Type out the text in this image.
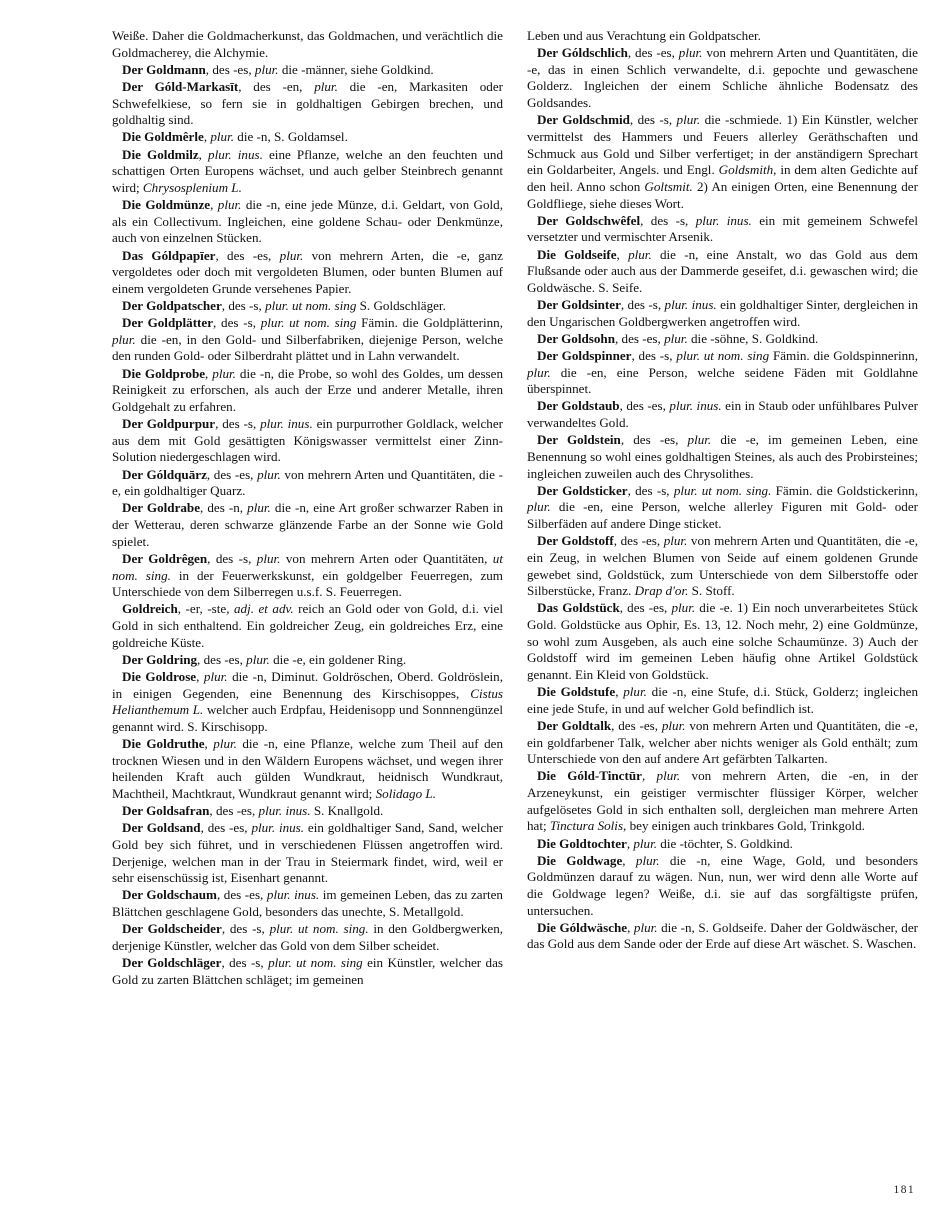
Weiße. Daher die Goldmacherkunst, das Goldmachen, und verächtlich die Goldmacherey, die Alchymie.

Der Goldmann, des -es, plur. die -männer, siehe Goldkind.

Der Góld-Markasīt, des -en, plur. die -en, Markasiten oder Schwefelkiese, so fern sie in goldhaltigen Gebirgen brechen, und goldhaltig sind.

Die Goldmêrle, plur. die -n, S. Goldamsel.

Die Goldmilz, plur. inus. eine Pflanze, welche an den feuchten und schattigen Orten Europens wächset, und auch gelber Steinbrech genannt wird; Chrysosplenium L.

Die Goldmünze, plur. die -n, eine jede Münze, d.i. Geldart, von Gold, als ein Collectivum. Ingleichen, eine goldene Schau- oder Denkmünze, auch von einzelnen Stücken.

Das Góldpapīer, des -es, plur. von mehrern Arten, die -e, ganz vergoldetes oder doch mit vergoldeten Blumen, oder bunten Blumen auf einem vergoldeten Grunde versehenes Papier.

Der Goldpatscher, des -s, plur. ut nom. sing S. Goldschläger.

Der Goldplätter, des -s, plur. ut nom. sing Fämin. die Goldplätterinn, plur. die -en, in den Gold- und Silberfabriken, diejenige Person, welche den runden Gold- oder Silberdraht plättet und in Lahn verwandelt.

Die Goldprobe, plur. die -n, die Probe, so wohl des Goldes, um dessen Reinigkeit zu erforschen, als auch der Erze und anderer Metalle, ihren Goldgehalt zu erfahren.

Der Goldpurpur, des -s, plur. inus. ein purpurrother Goldlack, welcher aus dem mit Gold gesättigten Königswasser vermittelst einer Zinn-Solution niedergeschlagen wird.

Der Góldquārz, des -es, plur. von mehrern Arten und Quantitäten, die -e, ein goldhaltiger Quarz.

Der Goldrabe, des -n, plur. die -n, eine Art großer schwarzer Raben in der Wetterau, deren schwarze glänzende Farbe an der Sonne wie Gold spielet.

Der Goldrêgen, des -s, plur. von mehrern Arten oder Quantitäten, ut nom. sing. in der Feuerwerkskunst, ein goldgelber Feuerregen, zum Unterschiede von dem Silberregen u.s.f. S. Feuerregen.

Goldreich, -er, -ste, adj. et adv. reich an Gold oder von Gold, d.i. viel Gold in sich enthaltend. Ein goldreicher Zeug, ein goldreiches Erz, eine goldreiche Küste.

Der Goldring, des -es, plur. die -e, ein goldener Ring.

Die Goldrose, plur. die -n, Diminut. Goldröschen, Oberd. Goldröslein, in einigen Gegenden, eine Benennung des Kirschisoppes, Cistus Helianthemum L. welcher auch Erdpfau, Heidenisopp und Sonnnengünzel genannt wird. S. Kirschisopp.

Die Goldruthe, plur. die -n, eine Pflanze, welche zum Theil auf den trocknen Wiesen und in den Wäldern Europens wächset, und wegen ihrer heilenden Kraft auch gülden Wundkraut, heidnisch Wundkraut, Machtheil, Machtkraut, Wundkraut genannt wird; Solidago L.

Der Goldsafran, des -es, plur. inus. S. Knallgold.

Der Goldsand, des -es, plur. inus. ein goldhaltiger Sand, Sand, welcher Gold bey sich führet, und in verschiedenen Flüssen angetroffen wird. Derjenige, welchen man in der Trau in Steiermark findet, wird, weil er sehr eisenschüssig ist, Eisenhart genannt.

Der Goldschaum, des -es, plur. inus. im gemeinen Leben, das zu zarten Blättchen geschlagene Gold, besonders das unechte, S. Metallgold.

Der Goldscheider, des -s, plur. ut nom. sing. in den Goldbergwerken, derjenige Künstler, welcher das Gold von dem Silber scheidet.

Der Goldschläger, des -s, plur. ut nom. sing ein Künstler, welcher das Gold zu zarten Blättchen schläget; im gemeinen

Leben und aus Verachtung ein Goldpatscher.

Der Góldschlich, des -es, plur. von mehrern Arten und Quantitäten, die -e, das in einen Schlich verwandelte, d.i. gepochte und gewaschene Golderz. Ingleichen der einem Schliche ähnliche Bodensatz des Goldsandes.

Der Goldschmid, des -s, plur. die -schmiede. 1) Ein Künstler, welcher vermittelst des Hammers und Feuers allerley Geräthschaften und Schmuck aus Gold und Silber verfertiget; in der anständigern Sprechart ein Goldarbeiter, Angels. und Engl. Goldsmith, in dem alten Gedichte auf den heil. Anno schon Goltsmit. 2) An einigen Orten, eine Benennung der Goldfliege, siehe dieses Wort.

Der Goldschwêfel, des -s, plur. inus. ein mit gemeinem Schwefel versetzter und vermischter Arsenik.

Die Goldseife, plur. die -n, eine Anstalt, wo das Gold aus dem Flußsande oder auch aus der Dammerde geseifet, d.i. gewaschen wird; die Goldwäsche. S. Seife.

Der Goldsinter, des -s, plur. inus. ein goldhaltiger Sinter, dergleichen in den Ungarischen Goldbergwerken angetroffen wird.

Der Goldsohn, des -es, plur. die -söhne, S. Goldkind.

Der Goldspinner, des -s, plur. ut nom. sing Fämin. die Goldspinnerinn, plur. die -en, eine Person, welche seidene Fäden mit Goldlahne überspinnet.

Der Goldstaub, des -es, plur. inus. ein in Staub oder unfühlbares Pulver verwandeltes Gold.

Der Goldstein, des -es, plur. die -e, im gemeinen Leben, eine Benennung so wohl eines goldhaltigen Steines, als auch des Probirsteines; ingleichen zuweilen auch des Chrysolithes.

Der Goldsticker, des -s, plur. ut nom. sing. Fämin. die Goldstickerinn, plur. die -en, eine Person, welche allerley Figuren mit Gold- oder Silberfäden auf andere Dinge sticket.

Der Goldstoff, des -es, plur. von mehrern Arten und Quantitäten, die -e, ein Zeug, in welchen Blumen von Seide auf einem goldenen Grunde gewebet sind, Goldstück, zum Unterschiede von dem Silberstoffe oder Silberstücke, Franz. Drap d'or. S. Stoff.

Das Goldstück, des -es, plur. die -e. 1) Ein noch unverarbeitetes Stück Gold. Goldstücke aus Ophir, Es. 13, 12. Noch mehr, 2) eine Goldmünze, so wohl zum Ausgeben, als auch eine solche Schaumünze. 3) Auch der Goldstoff wird im gemeinen Leben häufig ohne Artikel Goldstück genannt. Ein Kleid von Goldstück.

Die Goldstufe, plur. die -n, eine Stufe, d.i. Stück, Golderz; ingleichen eine jede Stufe, in und auf welcher Gold befindlich ist.

Der Goldtalk, des -es, plur. von mehrern Arten und Quantitäten, die -e, ein goldfarbener Talk, welcher aber nichts weniger als Gold enthält; zum Unterschiede von den auf andere Art gefärbten Talkarten.

Die Góld-Tinctūr, plur. von mehrern Arten, die -en, in der Arzeneykunst, ein geistiger vermischter flüssiger Körper, welcher aufgelösetes Gold in sich enthalten soll, dergleichen man mehrere Arten hat; Tinctura Solis, bey einigen auch trinkbares Gold, Trinkgold.

Die Goldtochter, plur. die -töchter, S. Goldkind.

Die Goldwage, plur. die -n, eine Wage, Gold, und besonders Goldmünzen darauf zu wägen. Nun, nun, wer wird denn alle Worte auf die Goldwage legen? Weiße, d.i. sie auf das sorgfältigste prüfen, untersuchen.

Die Góldwäsche, plur. die -n, S. Goldseife. Daher der Goldwäscher, der das Gold aus dem Sande oder der Erde auf diese Art wäschet. S. Waschen.

181
